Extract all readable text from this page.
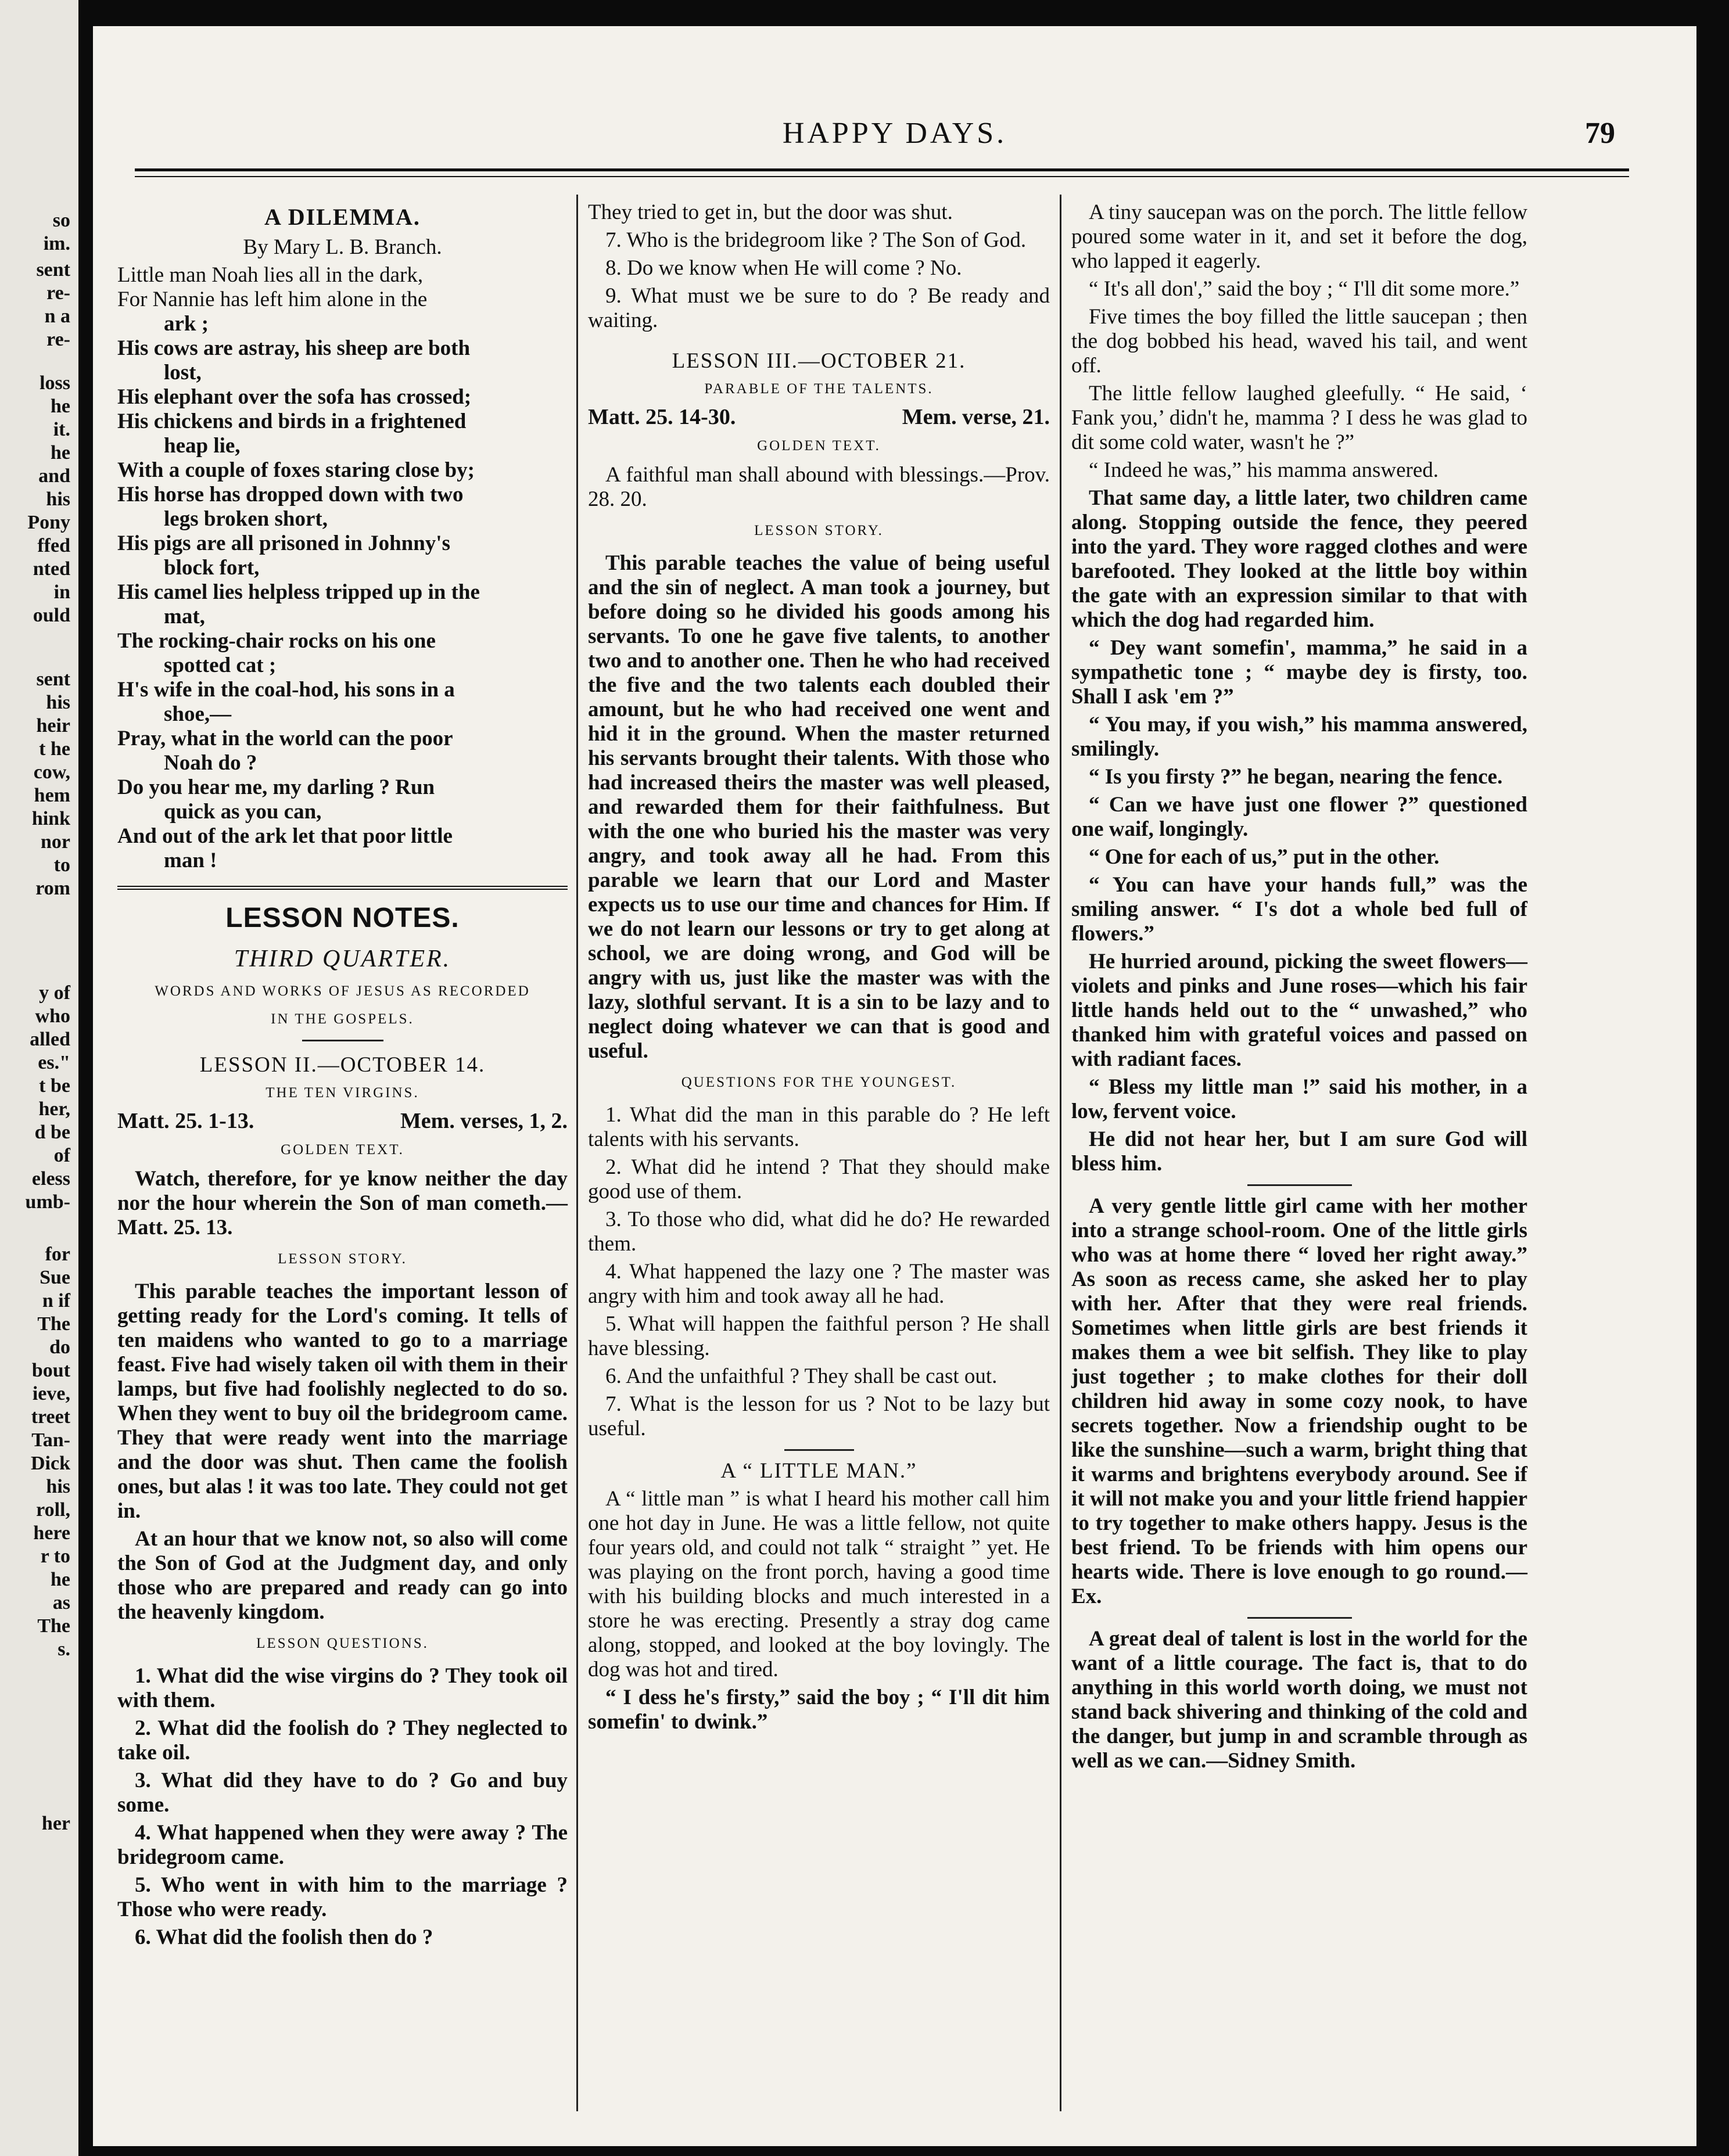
so
im.
sent
re-
n a
re-
loss
he
it.
he
and
his
Pony
ffed
nted
in
ould
sent
his
heir
t he
cow,
hem
hink
nor
to
rom
y of
who
alled
es."
t be
her,
d be
of
eless
umb-
for
Sue
n if
The
do
bout
ieve,
treet
Tan-
Dick
his
roll,
here
r to
he
as
The
s.
her
HAPPY DAYS.	79
A DILEMMA.

By Mary L. B. Branch.

Little man Noah lies all in the dark,

For Nannie has left him alone in the

ark ;

His cows are astray, his sheep are both

lost,

His elephant over the sofa has crossed;

His chickens and birds in a frightened

heap lie,

With a couple of foxes staring close by;

His horse has dropped down with two

legs broken short,

His pigs are all prisoned in Johnny's

block fort,

His camel lies helpless tripped up in the

mat,

The rocking-chair rocks on his one

spotted cat ;

H's wife in the coal-hod, his sons in a

shoe,—

Pray, what in the world can the poor

Noah do ?

Do you hear me, my darling ? Run

quick as you can,

And out of the ark let that poor little

man !

LESSON NOTES.
THIRD QUARTER.
WORDS AND WORKS OF JESUS AS RECORDED
IN THE GOSPELS.

LESSON II.—OCTOBER 14.

THE TEN VIRGINS.
Matt. 25. 1-13.	Mem. verses, 1, 2.
GOLDEN TEXT.

Watch, therefore, for ye know neither the day nor the hour wherein the Son of man cometh.—Matt. 25. 13.

LESSON STORY.

This parable teaches the important lesson of getting ready for the Lord's coming. It tells of ten maidens who wanted to go to a marriage feast. Five had wisely taken oil with them in their lamps, but five had foolishly neglected to do so. When they went to buy oil the bridegroom came. They that were ready went into the marriage and the door was shut. Then came the foolish ones, but alas ! it was too late. They could not get in.

At an hour that we know not, so also will come the Son of God at the Judgment day, and only those who are prepared and ready can go into the heavenly kingdom.

LESSON QUESTIONS.

1. What did the wise virgins do ? They took oil with them.

2. What did the foolish do ? They neglected to take oil.

3. What did they have to do ? Go and buy some.

4. What happened when they were away ? The bridegroom came.

5. Who went in with him to the marriage ? Those who were ready.

6. What did the foolish then do ?

They tried to get in, but the door was shut.

7. Who is the bridegroom like ? The Son of God.

8. Do we know when He will come ? No.

9. What must we be sure to do ? Be ready and waiting.

LESSON III.—OCTOBER 21.

PARABLE OF THE TALENTS.
Matt. 25. 14-30.	Mem. verse, 21.
GOLDEN TEXT.

A faithful man shall abound with blessings.—Prov. 28. 20.

LESSON STORY.

This parable teaches the value of being useful and the sin of neglect. A man took a journey, but before doing so he divided his goods among his servants. To one he gave five talents, to another two and to another one. Then he who had received the five and the two talents each doubled their amount, but he who had received one went and hid it in the ground. When the master returned his servants brought their talents. With those who had increased theirs the master was well pleased, and rewarded them for their faithfulness. But with the one who buried his the master was very angry, and took away all he had. From this parable we learn that our Lord and Master expects us to use our time and chances for Him. If we do not learn our lessons or try to get along at school, we are doing wrong, and God will be angry with us, just like the master was with the lazy, slothful servant. It is a sin to be lazy and to neglect doing whatever we can that is good and useful.

QUESTIONS FOR THE YOUNGEST.

1. What did the man in this parable do ? He left talents with his servants.

2. What did he intend ? That they should make good use of them.

3. To those who did, what did he do? He rewarded them.

4. What happened the lazy one ? The master was angry with him and took away all he had.

5. What will happen the faithful person ? He shall have blessing.

6. And the unfaithful ? They shall be cast out.

7. What is the lesson for us ? Not to be lazy but useful.

A “ LITTLE MAN.”

A “ little man ” is what I heard his mother call him one hot day in June. He was a little fellow, not quite four years old, and could not talk “ straight ” yet. He was playing on the front porch, having a good time with his building blocks and much interested in a store he was erecting. Presently a stray dog came along, stopped, and looked at the boy lovingly. The dog was hot and tired.

“ I dess he's firsty,” said the boy ; “ I'll dit him somefin' to dwink.”

A tiny saucepan was on the porch. The little fellow poured some water in it, and set it before the dog, who lapped it eagerly.

“ It's all don',” said the boy ; “ I'll dit some more.”

Five times the boy filled the little saucepan ; then the dog bobbed his head, waved his tail, and went off.

The little fellow laughed gleefully. “ He said, ‘ Fank you,’ didn't he, mamma ? I dess he was glad to dit some cold water, wasn't he ?”

“ Indeed he was,” his mamma answered.

That same day, a little later, two children came along. Stopping outside the fence, they peered into the yard. They wore ragged clothes and were barefooted. They looked at the little boy within the gate with an expression similar to that with which the dog had regarded him.

“ Dey want somefin', mamma,” he said in a sympathetic tone ; “ maybe dey is firsty, too. Shall I ask 'em ?”

“ You may, if you wish,” his mamma answered, smilingly.

“ Is you firsty ?” he began, nearing the fence.

“ Can we have just one flower ?” questioned one waif, longingly.

“ One for each of us,” put in the other.

“ You can have your hands full,” was the smiling answer. “ I's dot a whole bed full of flowers.”

He hurried around, picking the sweet flowers—violets and pinks and June roses—which his fair little hands held out to the “ unwashed,” who thanked him with grateful voices and passed on with radiant faces.

“ Bless my little man !” said his mother, in a low, fervent voice.

He did not hear her, but I am sure God will bless him.

A very gentle little girl came with her mother into a strange school-room. One of the little girls who was at home there “ loved her right away.” As soon as recess came, she asked her to play with her. After that they were real friends. Sometimes when little girls are best friends it makes them a wee bit selfish. They like to play just together ; to make clothes for their doll children hid away in some cozy nook, to have secrets together. Now a friendship ought to be like the sunshine—such a warm, bright thing that it warms and brightens everybody around. See if it will not make you and your little friend happier to try together to make others happy. Jesus is the best friend. To be friends with him opens our hearts wide. There is love enough to go round.—Ex.

A great deal of talent is lost in the world for the want of a little courage. The fact is, that to do anything in this world worth doing, we must not stand back shivering and thinking of the cold and the danger, but jump in and scramble through as well as we can.—Sidney Smith.
